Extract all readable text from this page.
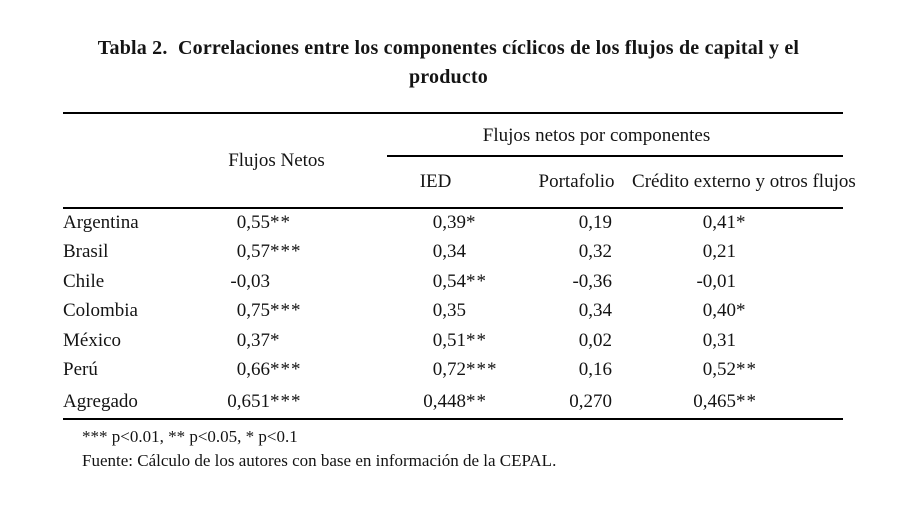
Tabla 2.  Correlaciones entre los componentes cíclicos de los flujos de capital y el
producto
	Flujos Netos		Flujos netos por componentes					

			IED		Portafolio		Crédito externo y otros flujos	
Argentina	0,55	**	0,39	*	0,19		0,41	*
Brasil	0,57	***	0,34		0,32		0,21	
Chile	-0,03		0,54	**	-0,36		-0,01	
Colombia	0,75	***	0,35		0,34		0,40	*
México	0,37	*	0,51	**	0,02		0,31	
Perú	0,66	***	0,72	***	0,16		0,52	**
Agregado	0,651	***	0,448	**	0,270		0,465	**
*** p<0.01, ** p<0.05, * p<0.1
Fuente: Cálculo de los autores con base en información de la CEPAL.
